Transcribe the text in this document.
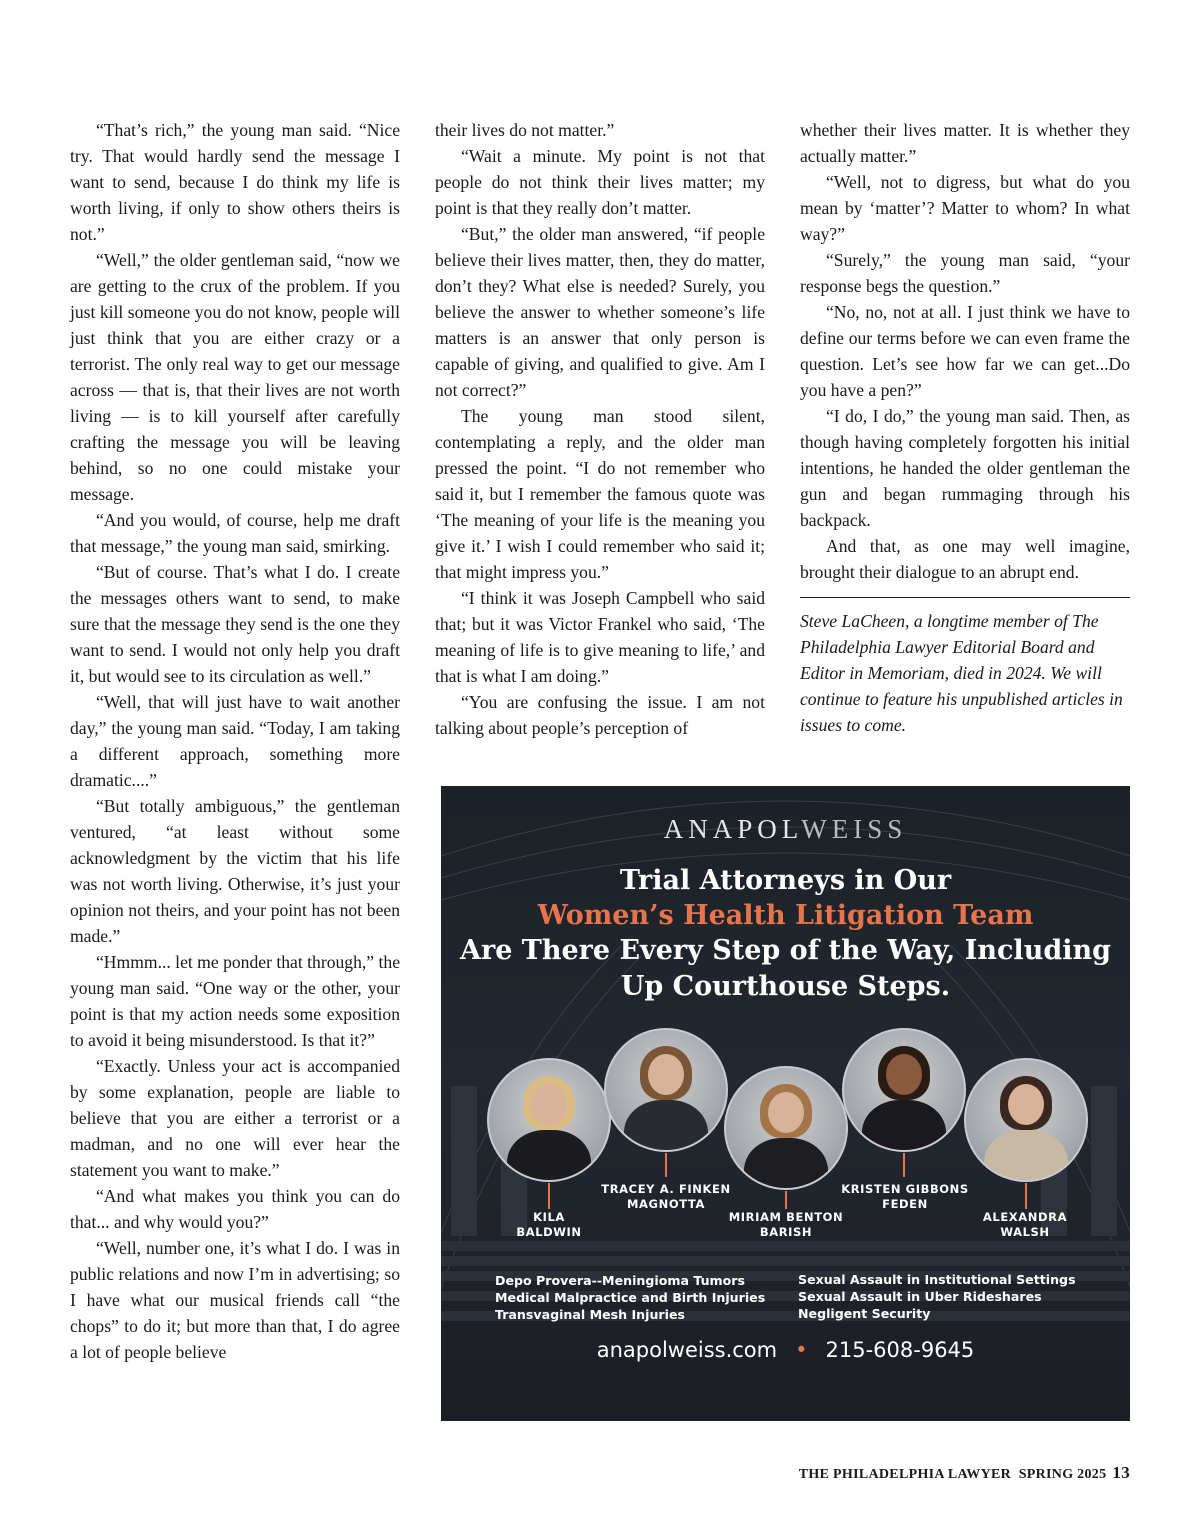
“That’s rich,” the young man said. “Nice try. That would hardly send the message I want to send, because I do think my life is worth living, if only to show others theirs is not.”

“Well,” the older gentleman said, “now we are getting to the crux of the problem. If you just kill someone you do not know, people will just think that you are either crazy or a terrorist. The only real way to get our message across — that is, that their lives are not worth living — is to kill yourself after carefully crafting the message you will be leaving behind, so no one could mistake your message.

“And you would, of course, help me draft that message,” the young man said, smirking.

“But of course. That’s what I do. I create the messages others want to send, to make sure that the message they send is the one they want to send. I would not only help you draft it, but would see to its circulation as well.”

“Well, that will just have to wait another day,” the young man said. “Today, I am taking a different approach, something more dramatic....”

“But totally ambiguous,” the gentleman ventured, “at least without some acknowledgment by the victim that his life was not worth living. Otherwise, it’s just your opinion not theirs, and your point has not been made.”

“Hmmm... let me ponder that through,” the young man said. “One way or the other, your point is that my action needs some exposition to avoid it being misunderstood. Is that it?”

“Exactly. Unless your act is accompanied by some explanation, people are liable to believe that you are either a terrorist or a madman, and no one will ever hear the statement you want to make.”

“And what makes you think you can do that... and why would you?”

“Well, number one, it’s what I do. I was in public relations and now I’m in advertising; so I have what our musical friends call “the chops” to do it; but more than that, I do agree a lot of people believe

their lives do not matter.”

“Wait a minute. My point is not that people do not think their lives matter; my point is that they really don’t matter.

“But,” the older man answered, “if people believe their lives matter, then, they do matter, don’t they? What else is needed? Surely, you believe the answer to whether someone’s life matters is an answer that only person is capable of giving, and qualified to give. Am I not correct?”

The young man stood silent, contemplating a reply, and the older man pressed the point. “I do not remember who said it, but I remember the famous quote was ‘The meaning of your life is the meaning you give it.’ I wish I could remember who said it; that might impress you.”

“I think it was Joseph Campbell who said that; but it was Victor Frankel who said, ‘The meaning of life is to give meaning to life,’ and that is what I am doing.”

“You are confusing the issue. I am not talking about people’s perception of

whether their lives matter. It is whether they actually matter.”

“Well, not to digress, but what do you mean by ‘matter’? Matter to whom? In what way?”

“Surely,” the young man said, “your response begs the question.”

“No, no, not at all. I just think we have to define our terms before we can even frame the question. Let’s see how far we can get...Do you have a pen?”

“I do, I do,” the young man said. Then, as though having completely forgotten his initial intentions, he handed the older gentleman the gun and began rummaging through his backpack.

And that, as one may well imagine, brought their dialogue to an abrupt end.

Steve LaCheen, a longtime member of The Philadelphia Lawyer Editorial Board and Editor in Memoriam, died in 2024. We will continue to feature his unpublished articles in issues to come.

ANAPOLWEISS
Trial Attorneys in Our
Women’s Health Litigation Team
Are There Every Step of the Way, Including
Up Courthouse Steps.
KILA
BALDWIN
TRACEY A. FINKEN
MAGNOTTA
MIRIAM BENTON
BARISH
KRISTEN GIBBONS
FEDEN
ALEXANDRA
WALSH
Depo Provera--Meningioma Tumors
Medical Malpractice and Birth Injuries
Transvaginal Mesh Injuries
Sexual Assault in Institutional Settings
Sexual Assault in Uber Rideshares
Negligent Security
anapolweiss.com • 215-608-9645
THE PHILADELPHIA LAWYER SPRING 2025 13
